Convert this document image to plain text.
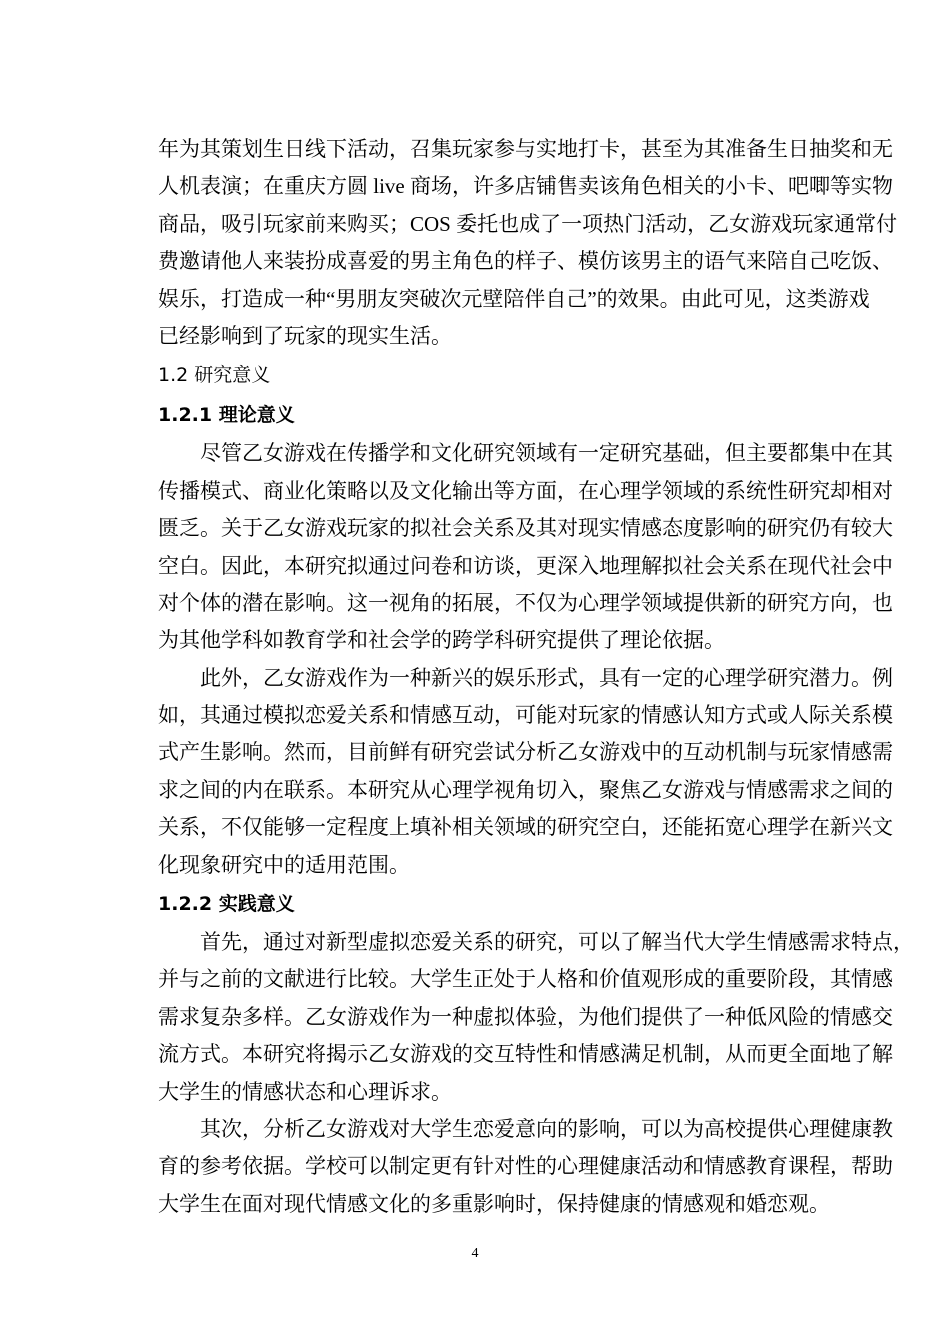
年为其策划生日线下活动，召集玩家参与实地打卡，甚至为其准备生日抽奖和无
人机表演；在重庆方圆 live 商场，许多店铺售卖该角色相关的小卡、吧唧等实物
商品，吸引玩家前来购买；COS 委托也成了一项热门活动，乙女游戏玩家通常付
费邀请他人来装扮成喜爱的男主角色的样子、模仿该男主的语气来陪自己吃饭、
娱乐，打造成一种“男朋友突破次元壁陪伴自己”的效果。由此可见，这类游戏
已经影响到了玩家的现实生活。
1.2 研究意义
1.2.1 理论意义
尽管乙女游戏在传播学和文化研究领域有一定研究基础，但主要都集中在其
传播模式、商业化策略以及文化输出等方面，在心理学领域的系统性研究却相对
匮乏。关于乙女游戏玩家的拟社会关系及其对现实情感态度影响的研究仍有较大
空白。因此，本研究拟通过问卷和访谈，更深入地理解拟社会关系在现代社会中
对个体的潜在影响。这一视角的拓展，不仅为心理学领域提供新的研究方向，也
为其他学科如教育学和社会学的跨学科研究提供了理论依据。
此外，乙女游戏作为一种新兴的娱乐形式，具有一定的心理学研究潜力。例
如，其通过模拟恋爱关系和情感互动，可能对玩家的情感认知方式或人际关系模
式产生影响。然而，目前鲜有研究尝试分析乙女游戏中的互动机制与玩家情感需
求之间的内在联系。本研究从心理学视角切入，聚焦乙女游戏与情感需求之间的
关系，不仅能够一定程度上填补相关领域的研究空白，还能拓宽心理学在新兴文
化现象研究中的适用范围。
1.2.2 实践意义
首先，通过对新型虚拟恋爱关系的研究，可以了解当代大学生情感需求特点，
并与之前的文献进行比较。大学生正处于人格和价值观形成的重要阶段，其情感
需求复杂多样。乙女游戏作为一种虚拟体验，为他们提供了一种低风险的情感交
流方式。本研究将揭示乙女游戏的交互特性和情感满足机制，从而更全面地了解
大学生的情感状态和心理诉求。
其次，分析乙女游戏对大学生恋爱意向的影响，可以为高校提供心理健康教
育的参考依据。学校可以制定更有针对性的心理健康活动和情感教育课程，帮助
大学生在面对现代情感文化的多重影响时，保持健康的情感观和婚恋观。
4
